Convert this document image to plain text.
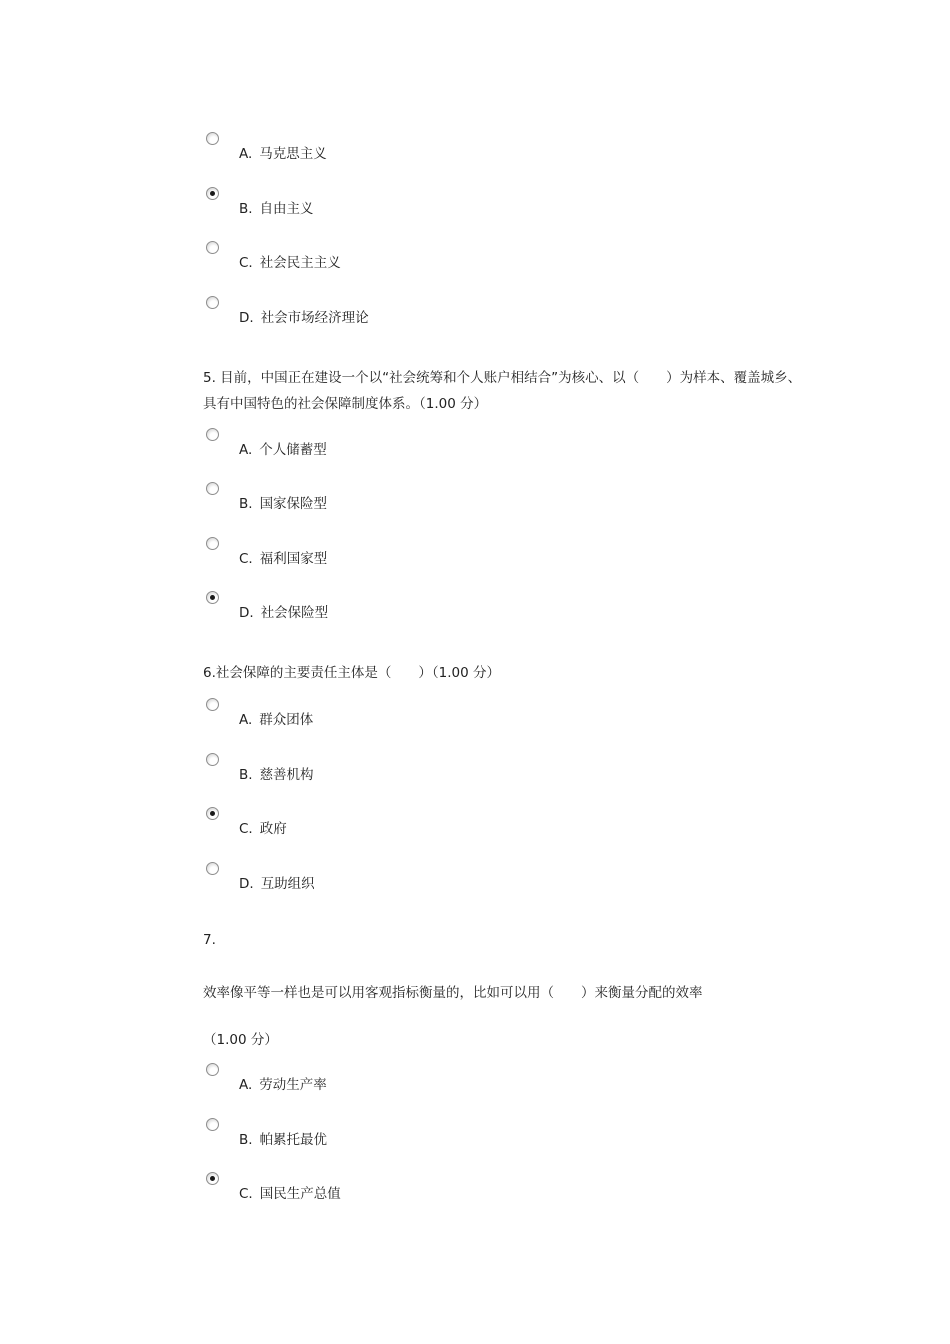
A. 马克思主义
B. 自由主义
C. 社会民主主义
D. 社会市场经济理论
5. 目前，中国正在建设一个以“社会统筹和个人账户相结合”为核心、以（　　）为样本、覆盖城乡、
具有中国特色的社会保障制度体系。（1.00 分）
A. 个人储蓄型
B. 国家保险型
C. 福利国家型
D. 社会保险型
6.社会保障的主要责任主体是（　　）（1.00 分）
A. 群众团体
B. 慈善机构
C. 政府
D. 互助组织
7.
效率像平等一样也是可以用客观指标衡量的，比如可以用（　　）来衡量分配的效率
（1.00 分）
A. 劳动生产率
B. 帕累托最优
C. 国民生产总值
